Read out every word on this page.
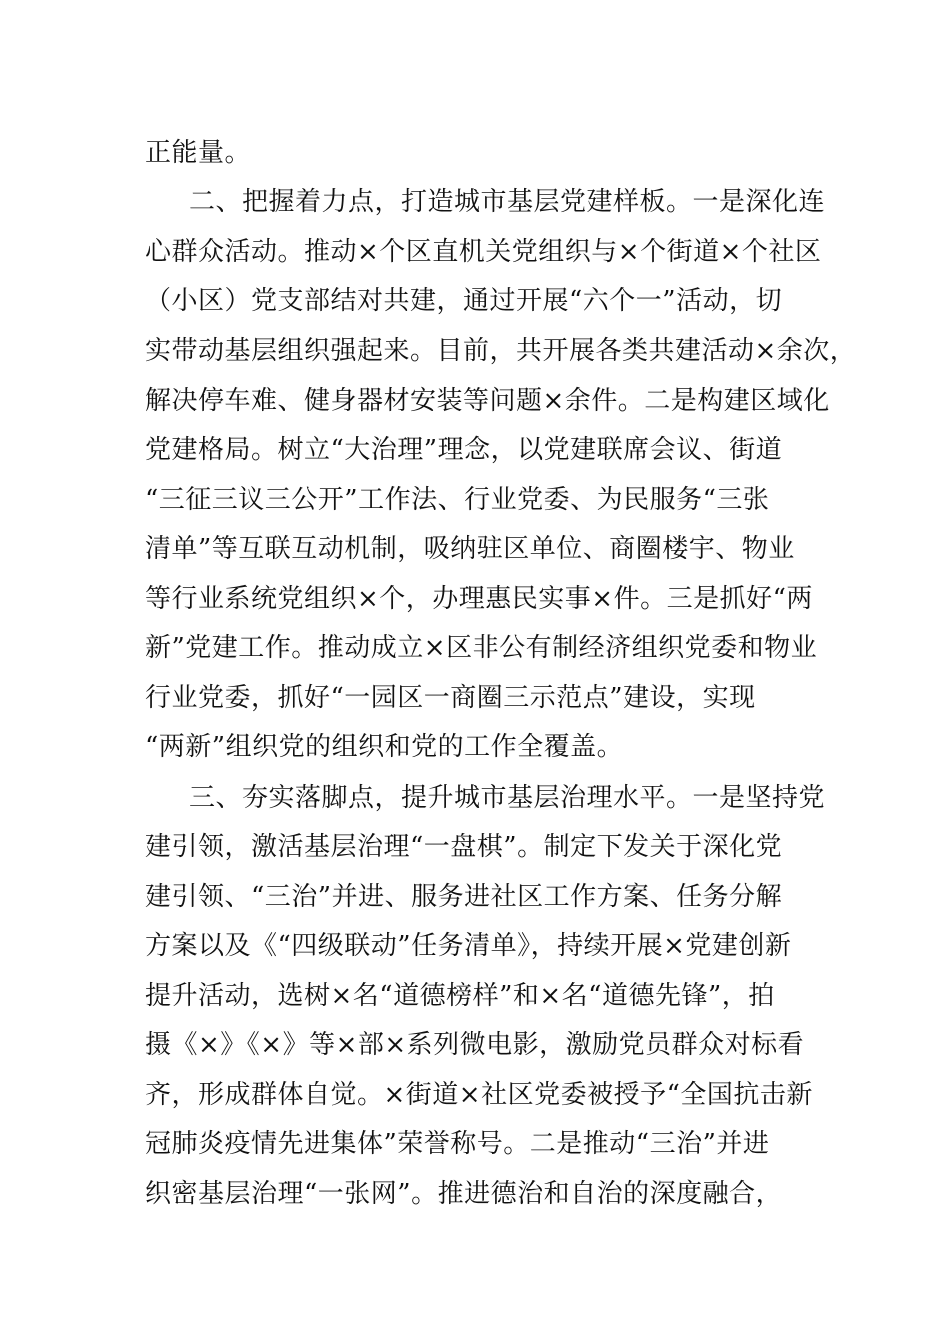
正能量。
二、把握着力点，打造城市基层党建样板。一是深化连
心群众活动。推动×个区直机关党组织与×个街道×个社区
（小区）党支部结对共建，通过开展“六个一”活动，切
实带动基层组织强起来。目前，共开展各类共建活动×余次，
解决停车难、健身器材安装等问题×余件。二是构建区域化
党建格局。树立“大治理”理念，以党建联席会议、街道
“三征三议三公开”工作法、行业党委、为民服务“三张
清单”等互联互动机制，吸纳驻区单位、商圈楼宇、物业
等行业系统党组织×个，办理惠民实事×件。三是抓好“两
新”党建工作。推动成立×区非公有制经济组织党委和物业
行业党委，抓好“一园区一商圈三示范点”建设，实现
“两新”组织党的组织和党的工作全覆盖。
三、夯实落脚点，提升城市基层治理水平。一是坚持党
建引领，激活基层治理“一盘棋”。制定下发关于深化党
建引领、“三治”并进、服务进社区工作方案、任务分解
方案以及《“四级联动”任务清单》，持续开展×党建创新
提升活动，选树×名“道德榜样”和×名“道德先锋”，拍
摄《×》《×》等×部×系列微电影，激励党员群众对标看
齐，形成群体自觉。×街道×社区党委被授予“全国抗击新
冠肺炎疫情先进集体”荣誉称号。二是推动“三治”并进
织密基层治理“一张网”。推进德治和自治的深度融合，
